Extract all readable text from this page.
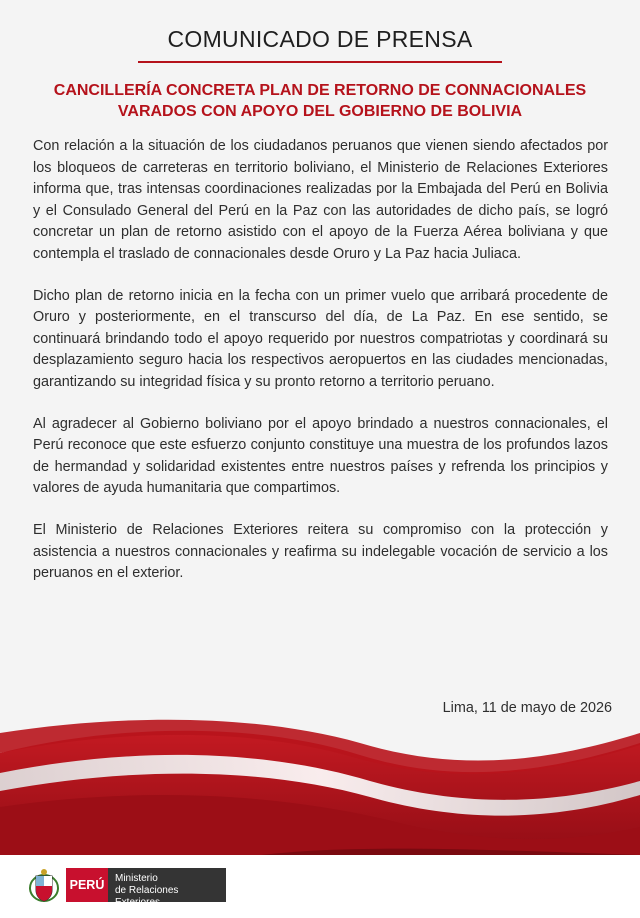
COMUNICADO DE PRENSA
CANCILLERÍA CONCRETA PLAN DE RETORNO DE CONNACIONALES
VARADOS CON APOYO DEL GOBIERNO DE BOLIVIA

Con relación a la situación de los ciudadanos peruanos que vienen siendo afectados por los bloqueos de carreteras en territorio boliviano, el Ministerio de Relaciones Exteriores informa que, tras intensas coordinaciones realizadas por la Embajada del Perú en Bolivia y el Consulado General del Perú en la Paz con las autoridades de dicho país, se logró concretar un plan de retorno asistido con el apoyo de la Fuerza Aérea boliviana y que contempla el traslado de connacionales desde Oruro y La Paz hacia Juliaca.

Dicho plan de retorno inicia en la fecha con un primer vuelo que arribará procedente de Oruro y posteriormente, en el transcurso del día, de La Paz. En ese sentido, se continuará brindando todo el apoyo requerido por nuestros compatriotas y coordinará su desplazamiento seguro hacia los respectivos aeropuertos en las ciudades mencionadas, garantizando su integridad física y su pronto retorno a territorio peruano.

Al agradecer al Gobierno boliviano por el apoyo brindado a nuestros connacionales, el Perú reconoce que este esfuerzo conjunto constituye una muestra de los profundos lazos de hermandad y solidaridad existentes entre nuestros países y refrenda los principios y valores de ayuda humanitaria que compartimos.

El Ministerio de Relaciones Exteriores reitera su compromiso con la protección y asistencia a nuestros connacionales y reafirma su indelegable vocación de servicio a los peruanos en el exterior.

Lima, 11 de mayo de 2026
PERÚ	Ministerio
de Relaciones Exteriores
